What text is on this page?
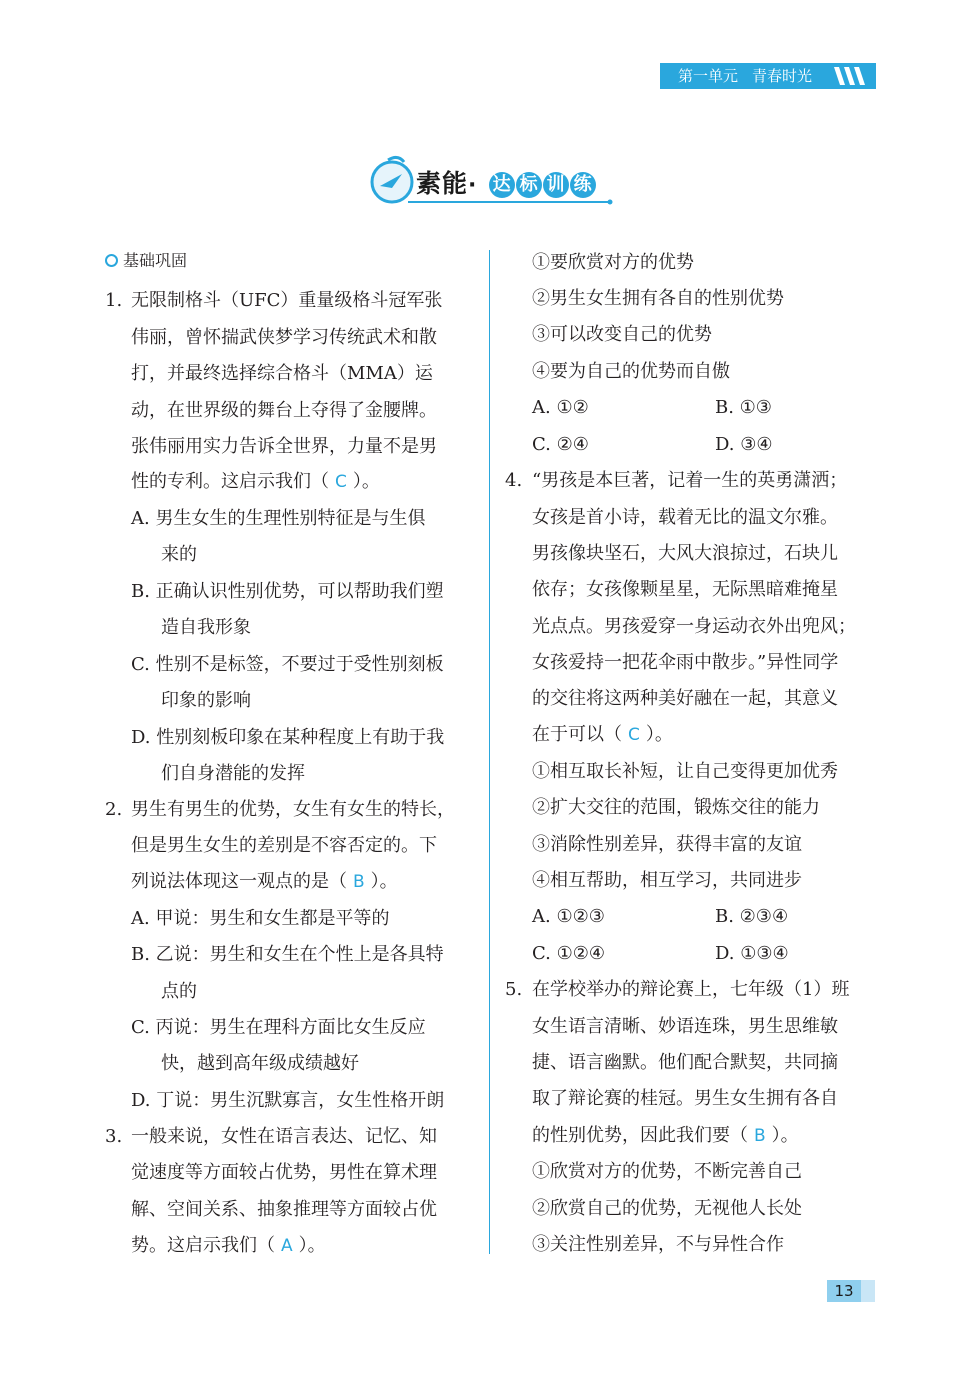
第一单元 青春时光
素能· 达 标 训 练
基础巩固
1. 无限制格斗（UFC）重量级格斗冠军张
伟丽，曾怀揣武侠梦学习传统武术和散
打，并最终选择综合格斗（MMA）运
动，在世界级的舞台上夺得了金腰牌。
张伟丽用实力告诉全世界，力量不是男
性的专利。这启示我们（ C ）。
A. 男生女生的生理性别特征是与生俱
来的
B. 正确认识性别优势，可以帮助我们塑
造自我形象
C. 性别不是标签，不要过于受性别刻板
印象的影响
D. 性别刻板印象在某种程度上有助于我
们自身潜能的发挥
2. 男生有男生的优势，女生有女生的特长，
但是男生女生的差别是不容否定的。下
列说法体现这一观点的是（ B ）。
A. 甲说：男生和女生都是平等的
B. 乙说：男生和女生在个性上是各具特
点的
C. 丙说：男生在理科方面比女生反应
快，越到高年级成绩越好
D. 丁说：男生沉默寡言，女生性格开朗
3. 一般来说，女性在语言表达、记忆、知
觉速度等方面较占优势，男性在算术理
解、空间关系、抽象推理等方面较占优
势。这启示我们（ A ）。
①要欣赏对方的优势
②男生女生拥有各自的性别优势
③可以改变自己的优势
④要为自己的优势而自傲
A. ①②	B. ①③
C. ②④	D. ③④
4. “男孩是本巨著，记着一生的英勇潇洒；
女孩是首小诗，载着无比的温文尔雅。
男孩像块坚石，大风大浪掠过，石块儿
依存；女孩像颗星星，无际黑暗难掩星
光点点。男孩爱穿一身运动衣外出兜风；
女孩爱持一把花伞雨中散步。”异性同学
的交往将这两种美好融在一起，其意义
在于可以（ C ）。
①相互取长补短，让自己变得更加优秀
②扩大交往的范围，锻炼交往的能力
③消除性别差异，获得丰富的友谊
④相互帮助，相互学习，共同进步
A. ①②③	B. ②③④
C. ①②④	D. ①③④
5. 在学校举办的辩论赛上，七年级（1）班
女生语言清晰、妙语连珠，男生思维敏
捷、语言幽默。他们配合默契，共同摘
取了辩论赛的桂冠。男生女生拥有各自
的性别优势，因此我们要（ B ）。
①欣赏对方的优势，不断完善自己
②欣赏自己的优势，无视他人长处
③关注性别差异，不与异性合作
13
